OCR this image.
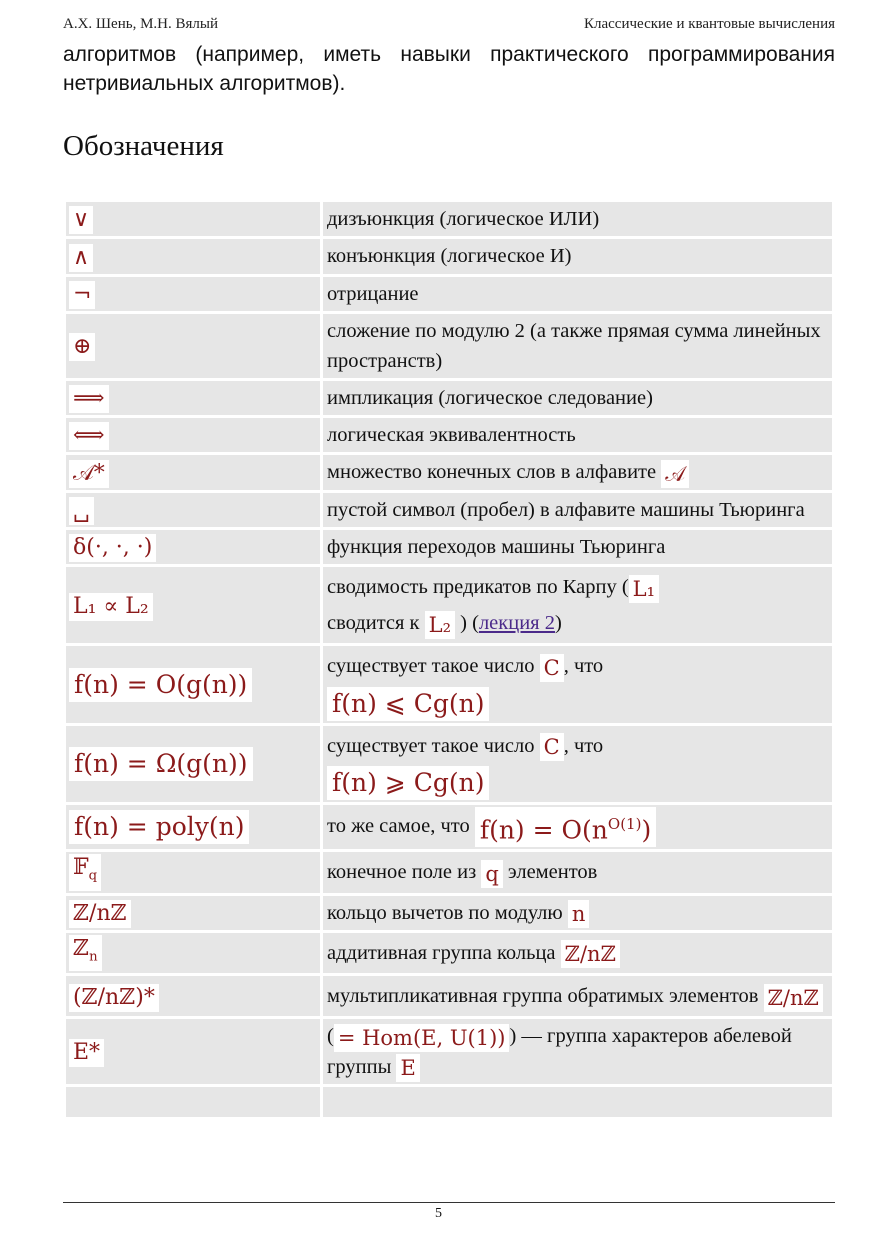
А.Х. Шень, М.Н. Вялый	Классические и квантовые вычисления
алгоритмов (например, иметь навыки практического программирования нетривиальных алгоритмов).
Обозначения
∨	дизъюнкция (логическое ИЛИ)
∧	конъюнкция (логическое И)
¬	отрицание
⊕	сложение по модулю 2 (а также прямая сумма линейных пространств)
⟹	импликация (логическое следование)
⟺	логическая эквивалентность
𝒜*	множество конечных слов в алфавите 𝒜
␣	пустой символ (пробел) в алфавите машины Тьюринга
δ(·, ·, ·)	функция переходов машины Тьюринга
L₁ ∝ L₂	сводимость предикатов по Карпу ( L₁
сводится к L₂ ) (лекция 2)
f(n) = O(g(n))	существует такое число C , что
f(n) ⩽ Cg(n)
f(n) = Ω(g(n))	существует такое число C , что
f(n) ⩾ Cg(n)
f(n) = poly(n)	то же самое, что $f(n) = O(n^{O(1)})$
𝔽$_q$	конечное поле из q элементов
ℤ/nℤ	кольцо вычетов по модулю n
ℤ$_n$	аддитивная группа кольца ℤ/nℤ
(ℤ/nℤ)*	мультипликативная группа обратимых элементов ℤ/nℤ
E*	( = Hom(E, U(1)) ) — группа характеров абелевой группы E

5
